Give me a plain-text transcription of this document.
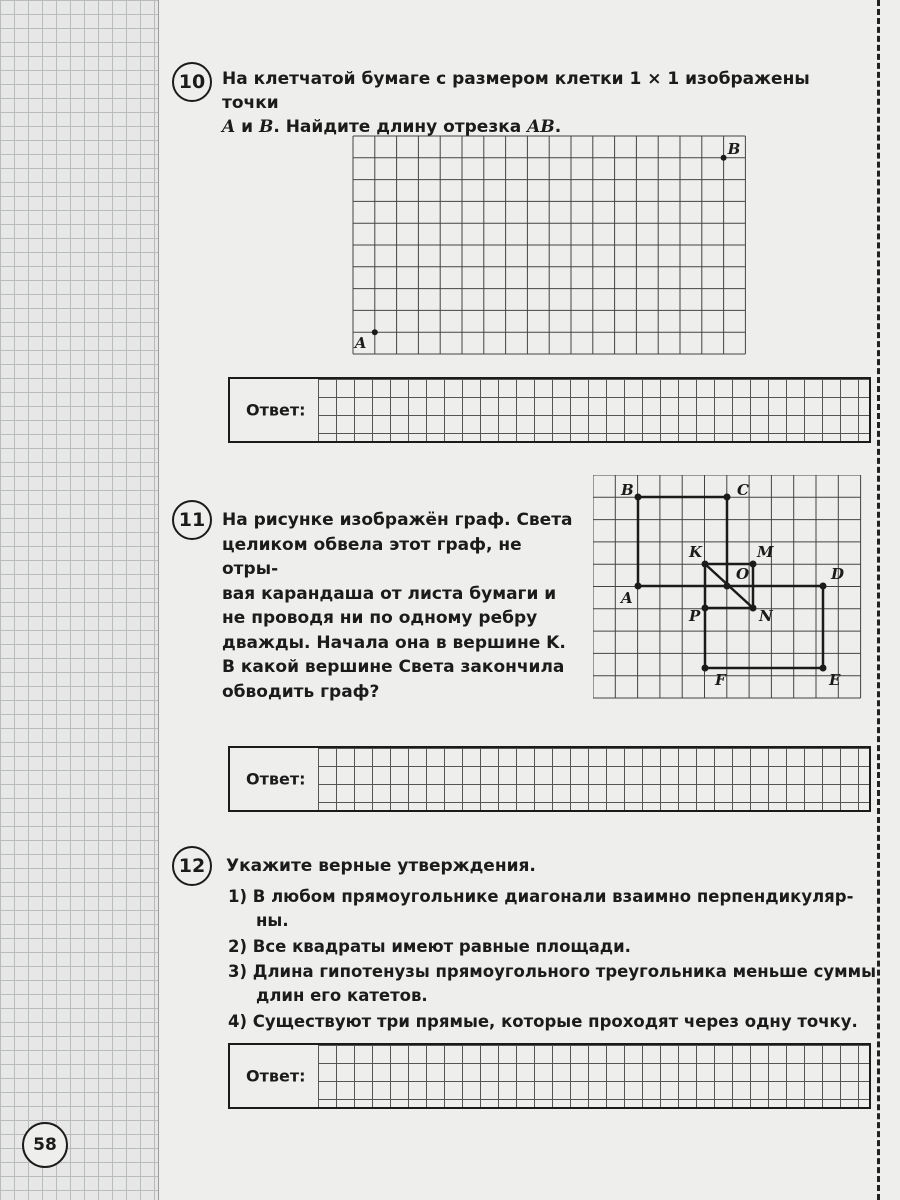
10 На клетчатой бумаге с размером клетки 1 × 1 изображены точки
A и B. Найдите длину отрезка AB.
A
B
Ответ:
11 На рисунке изображён граф. Света
целиком обвела этот граф, не отры-
вая карандаша от листа бумаги и
не проводя ни по одному ребру
дважды. Начала она в вершине K.
В какой вершине Света закончила
обводить граф?
B	C
K	M
O
A
D
P	N
F	E
Ответ:
12 Укажите верные утверждения.
1) В любом прямоугольнике диагонали взаимно перпендикуляр-
ны.
2) Все квадраты имеют равные площади.
3) Длина гипотенузы прямоугольного треугольника меньше суммы
длин его катетов.
4) Существуют три прямые, которые проходят через одну точку.
Ответ:
58
